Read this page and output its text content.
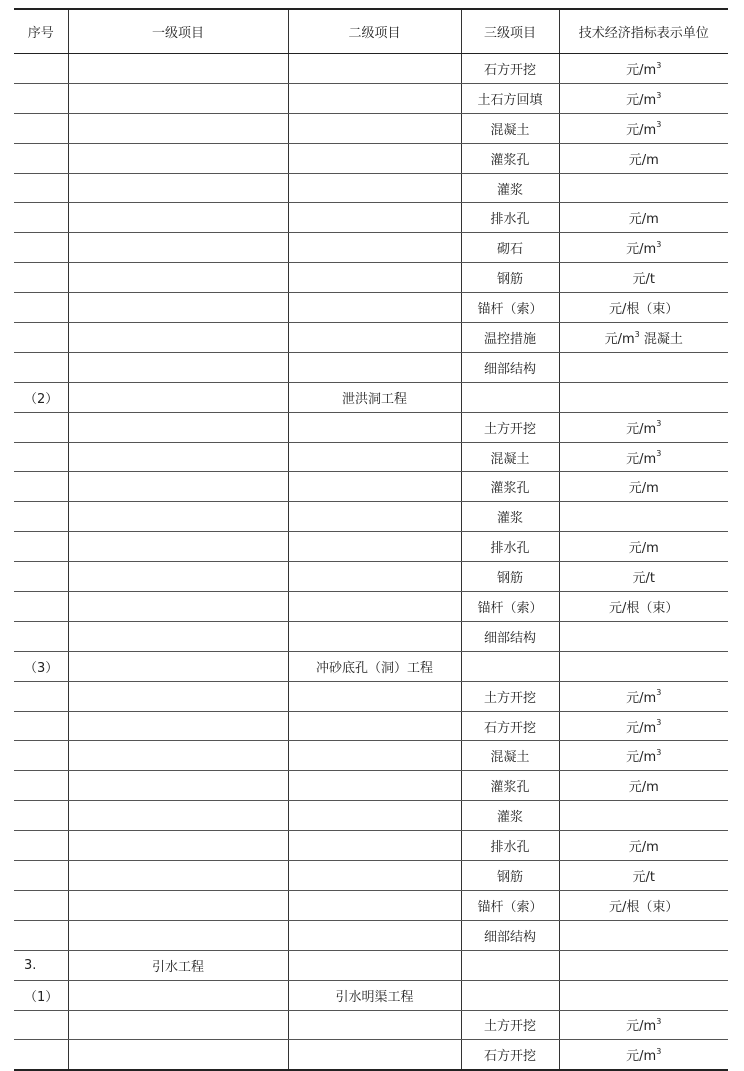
序号	一级项目	二级项目	三级项目	技术经济指标表示单位
			石方开挖	元$/m^3$
			土石方回填	元$/m^3$
			混凝土	元$/m^3$
			灌浆孔	元/m
			灌浆	
			排水孔	元/m
			砌石	元$/m^3$
			钢筋	元/t
			锚杆（索）	元/根（束）
			温控措施	元$/m^3$ 混凝土
			细部结构	
（2）		泄洪洞工程		
			土方开挖	元$/m^3$
			混凝土	元$/m^3$
			灌浆孔	元/m
			灌浆	
			排水孔	元/m
			钢筋	元/t
			锚杆（索）	元/根（束）
			细部结构	
（3）		冲砂底孔（洞）工程		
			土方开挖	元$/m^3$
			石方开挖	元$/m^3$
			混凝土	元$/m^3$
			灌浆孔	元/m
			灌浆	
			排水孔	元/m
			钢筋	元/t
			锚杆（索）	元/根（束）
			细部结构	
3.	引水工程			
（1）		引水明渠工程		
			土方开挖	元$/m^3$
			石方开挖	元$/m^3$
